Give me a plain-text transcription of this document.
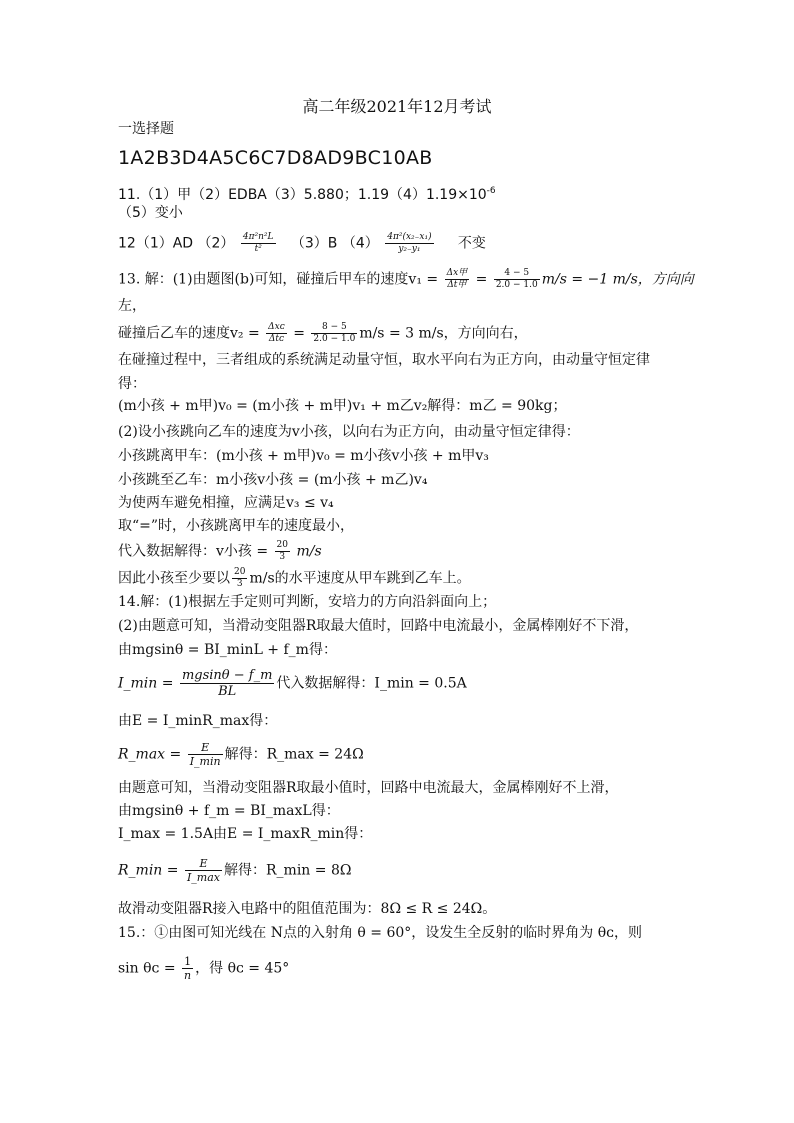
高二年级2021年12月考试
一选择题
1A2B3D4A5C6C7D8AD9BC10AB
11.（1）甲（2）EDBA（3）5.880；$1.19(4)1.19\times 10^{-6}$
（5）变小
12（1）AD $(2) \frac{\text{4π²n²L}}{\text{t²}} (3)B$ $(4) \frac{\text{4π²(x₂₋x₁)}}{\text{y₂₋y₁}}$ 不变
13. 解：(1)由题图(b)可知，碰撞后甲车的速度$v_1 = \frac{\text{Δx甲}}{\text{Δt甲}} = \frac{4 - 5}{2.0 - 1.0} m/s = -1$ m/s，方向向
左，
碰撞后乙车的速度$v_2 = \frac{\text{Δxᴄ}}{\text{Δtᴄ}} = \frac{8 - 5}{2.0 - 1.0} m/s = 3$ m/s，方向向右，
在碰撞过程中，三者组成的系统满足动量守恒，取水平向右为正方向，由动量守恒定律
得：
(m小孩 + m甲)v₀ = (m小孩 + m甲)v₁ + m乙v₂解得：m乙 = 90kg；
(2)设小孩跳向乙车的速度为v小孩，以向右为正方向，由动量守恒定律得：
小孩跳离甲车：(m小孩 + m甲)v₀ = m小孩v小孩 + m甲v₃
小孩跳至乙车：m小孩v小孩 = (m小孩 + m乙)v₄
为使两车避免相撞，应满足v₃ ≤ v₄
取“=”时，小孩跳离甲车的速度最小，
代入数据解得：v小孩 = $\frac{20}{3} m/s$
因此小孩至少要以 $\frac{20}{3} m/s$的水平速度从甲车跳到乙车上。
14.解：(1)根据左手定则可判断，安培力的方向沿斜面向上；
(2)由题意可知，当滑动变阻器R取最大值时，回路中电流最小，金属棒刚好不下滑，
由mgsinθ = BI_minL + f_m得：
I_min = $\frac{mgsin\theta - f\_m}{BL}$ 代入数据解得：I_min = 0.5A
由E = I_minR_max得：
R_max = $\frac{E}{I\_\min}$ 解得：R_max = 24Ω
由题意可知，当滑动变阻器R取最小值时，回路中电流最大，金属棒刚好不上滑，
由mgsinθ + f_m = BI_maxL得：
I_max = 1.5A由E = I_maxR_min得：
R_min = $\frac{E}{I\_\max}$ 解得：R_min = 8Ω
故滑动变阻器R接入电路中的阻值范围为：8Ω ≤ R ≤ 24Ω。
15.：①由图可知光线在 N点的入射角 θ = 60°，设发生全反射的临时界角为 θᴄ，则
sin θᴄ = $\frac{1}{n}$ ，得 θᴄ = 45°
